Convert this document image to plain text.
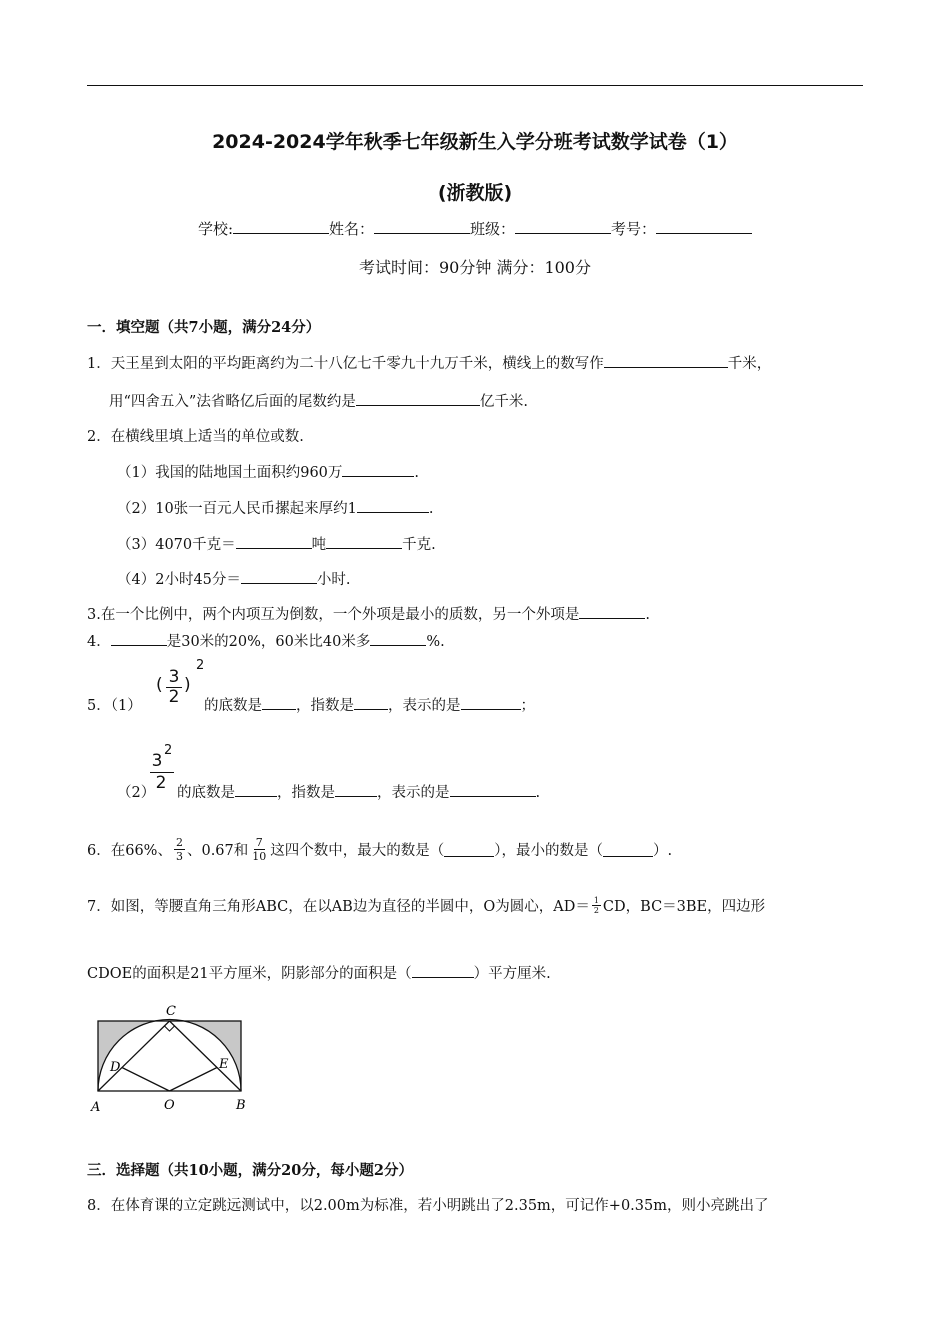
2024-2024学年秋季七年级新生入学分班考试数学试卷（1）
(浙教版)
学校:	姓名：	班级：	考号：
考试时间：90分钟 满分：100分
一．填空题（共7小题，满分24分）
1．天王星到太阳的平均距离约为二十八亿七千零九十九万千米，横线上的数写作	千米，
用“四舍五入”法省略亿后面的尾数约是	亿千米.
2．在横线里填上适当的单位或数.
（1）我国的陆地国土面积约960万	.
（2）10张一百元人民币摞起来厚约1	.
（3）4070千克＝	吨	千克.
（4）2小时45分＝	小时.
3.在一个比例中，两个内项互为倒数，一个外项是最小的质数，另一个外项是	.
4．	是30米的20%，60米比40米多	%.
5．（1）
( 3
2
)
2
的底数是 ，指数是 ，表示的是	；
3
2
2
（2） 的底数是	，指数是	，表示的是	.
6．在66%、 $\frac{2}{3}$ 、0.67和 $\frac{7}{10}$ 这四个数中，最大的数是（	），最小的数是（	）.
7．如图，等腰直角三角形ABC，在以AB边为直径的半圆中，O为圆心，$AD= \frac{1}{2}$ CD，BC＝3BE，四边形
CDOE的面积是21平方厘米，阴影部分的面积是（	）平方厘米.
C
D	E
A	O	B
三．选择题（共10小题，满分20分，每小题2分）
8．在体育课的立定跳远测试中，以2.00m为标准，若小明跳出了2.35m，可记作+0.35m，则小亮跳出了
